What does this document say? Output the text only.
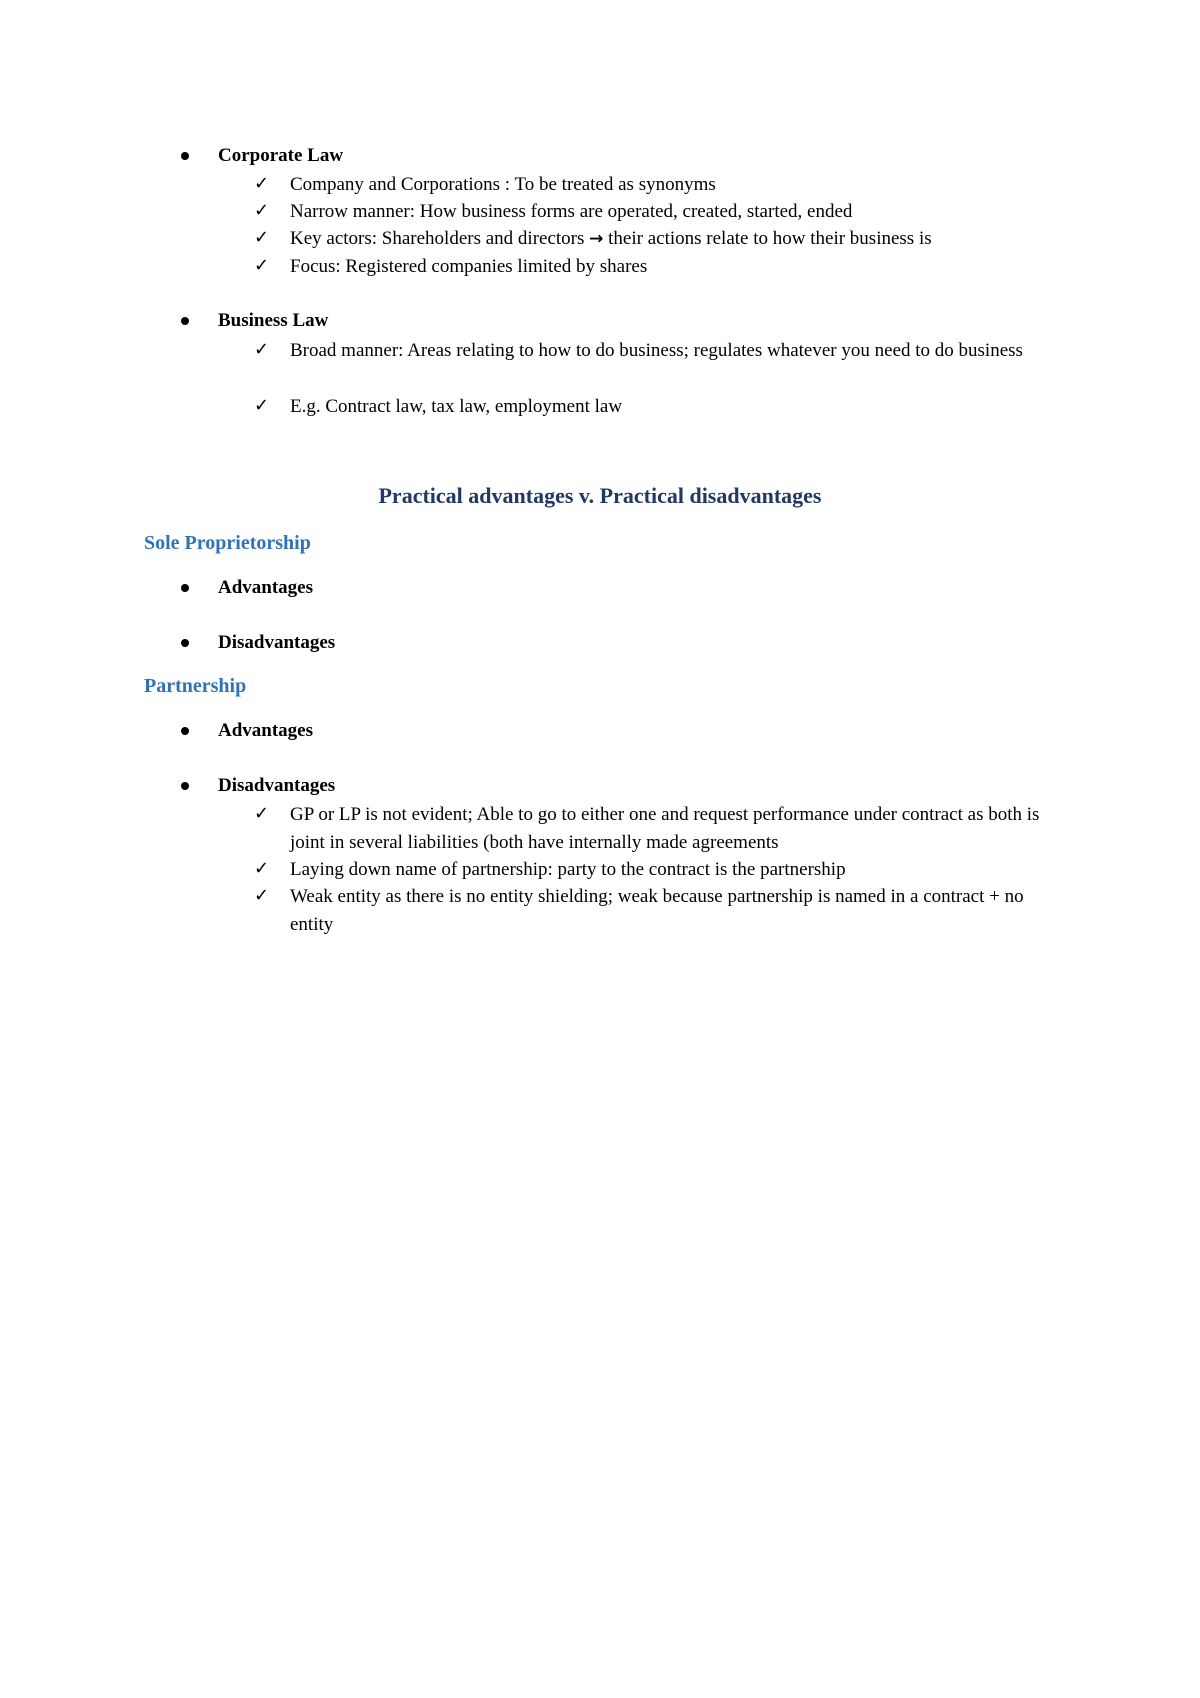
Corporate Law
✓ Company and Corporations : To be treated as synonyms
✓ Narrow manner: How business forms are operated, created, started, ended
✓ Key actors: Shareholders and directors → their actions relate to how their business is
✓ Focus: Registered companies limited by shares
Business Law
✓ Broad manner: Areas relating to how to do business; regulates whatever you need to do business
✓ E.g. Contract law, tax law, employment law
Practical advantages v. Practical disadvantages
Sole Proprietorship
Advantages
Disadvantages
Partnership
Advantages
Disadvantages
✓ GP or LP is not evident; Able to go to either one and request performance under contract as both is joint in several liabilities (both have internally made agreements
✓ Laying down name of partnership: party to the contract is the partnership
✓ Weak entity as there is no entity shielding; weak because partnership is named in a contract + no entity
